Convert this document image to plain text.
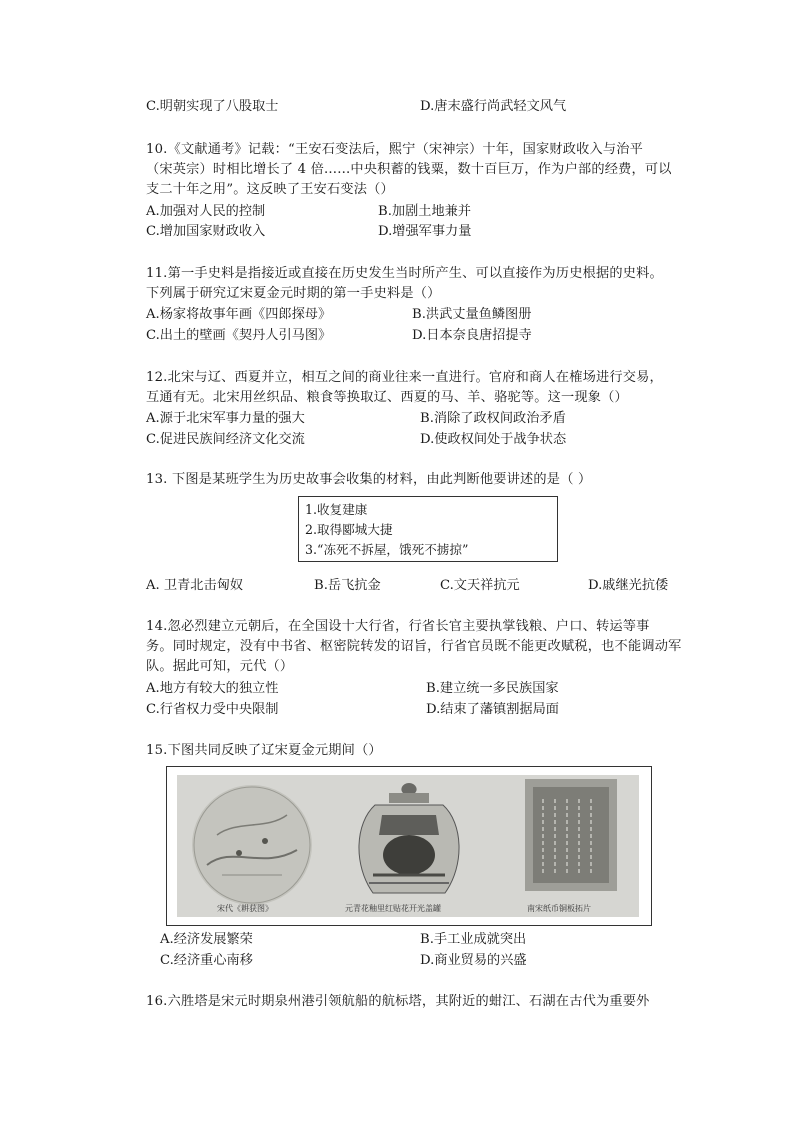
C.明朝实现了八股取士	D.唐末盛行尚武轻文风气
10.《文献通考》记载：“王安石变法后，熙宁（宋神宗）十年，国家财政收入与治平
（宋英宗）时相比增长了 4 倍......中央积蓄的钱粟，数十百巨万，作为户部的经费，可以
支二十年之用”。这反映了王安石变法（）
A.加强对人民的控制	B.加剧土地兼并
C.增加国家财政收入	D.增强军事力量
11.第一手史料是指接近或直接在历史发生当时所产生、可以直接作为历史根据的史料。
下列属于研究辽宋夏金元时期的第一手史料是（）
A.杨家将故事年画《四郎探母》	B.洪武丈量鱼鳞图册
C.出土的壁画《契丹人引马图》	D.日本奈良唐招提寺
12.北宋与辽、西夏并立，相互之间的商业往来一直进行。官府和商人在榷场进行交易，
互通有无。北宋用丝织品、粮食等换取辽、西夏的马、羊、骆驼等。这一现象（）
A.源于北宋军事力量的强大	B.消除了政权间政治矛盾
C.促进民族间经济文化交流	D.使政权间处于战争状态
13. 下图是某班学生为历史故事会收集的材料，由此判断他要讲述的是（ ）
1.收复建康
2.取得郾城大捷
3.“冻死不拆屋，饿死不掳掠”
A. 卫青北击匈奴	B.岳飞抗金	C.文天祥抗元	D.戚继光抗倭
14.忽必烈建立元朝后，在全国设十大行省，行省长官主要执掌钱粮、户口、转运等事
务。同时规定，没有中书省、枢密院转发的诏旨，行省官员既不能更改赋税，也不能调动军
队。据此可知，元代（）
A.地方有较大的独立性	B.建立统一多民族国家
C.行省权力受中央限制	D.结束了藩镇割据局面
15.下图共同反映了辽宋夏金元期间（）
宋代《耕获图》	元青花釉里红贴花开光盖罐	南宋纸币铜板拓片
A.经济发展繁荣	B.手工业成就突出
C.经济重心南移	D.商业贸易的兴盛
16.六胜塔是宋元时期泉州港引领航船的航标塔，其附近的蚶江、石湖在古代为重要外
